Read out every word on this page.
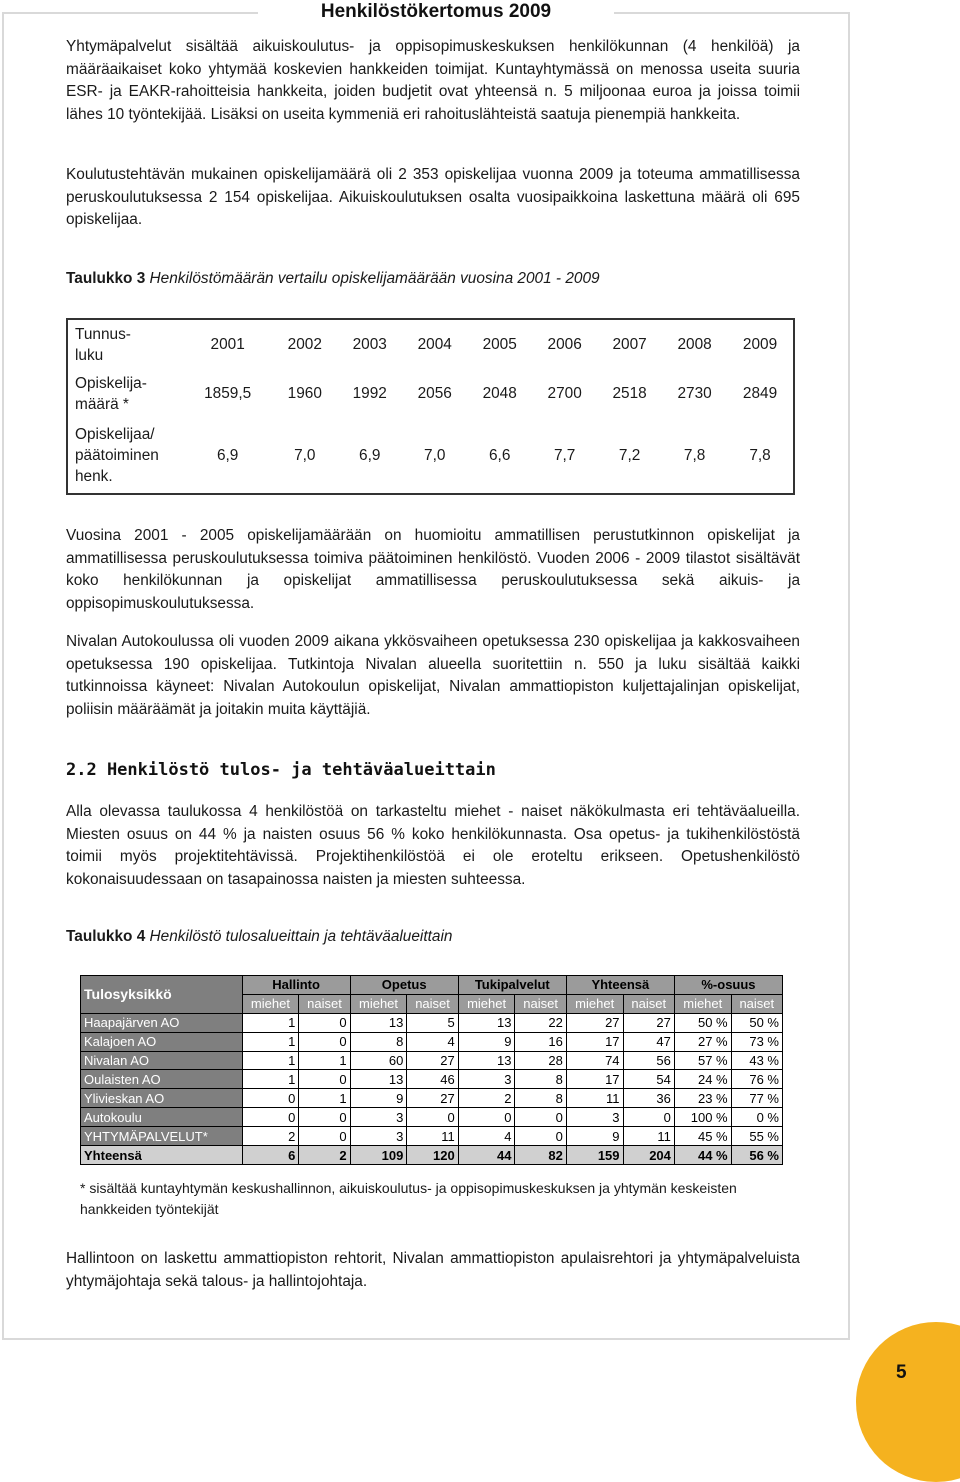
Henkilöstökertomus 2009

Yhtymäpalvelut sisältää aikuiskoulutus- ja oppisopimuskeskuksen henkilökunnan (4 henkilöä) ja määräaikaiset koko yhtymää koskevien hankkeiden toimijat. Kuntayhtymässä on menossa useita suuria ESR- ja EAKR-rahoitteisia hankkeita, joiden budjetit ovat yhteensä n. 5 miljoonaa euroa ja joissa toimii lähes 10 työntekijää. Lisäksi on useita kymmeniä eri rahoituslähteistä saatuja pienempiä hankkeita.

Koulutustehtävän mukainen opiskelijamäärä oli 2 353 opiskelijaa vuonna 2009 ja toteuma ammatillisessa peruskoulutuksessa 2 154 opiskelijaa. Aikuiskoulutuksen osalta vuosipaikkoina laskettuna määrä oli 695 opiskelijaa.

Taulukko 3 Henkilöstömäärän vertailu opiskelijamäärään vuosina 2001 - 2009

Tunnus-
luku	2001	2002	2003	2004	2005	2006	2007	2008	2009
Opiskelija-
määrä *	1859,5	1960	1992	2056	2048	2700	2518	2730	2849
Opiskelijaa/
päätoiminen
henk.	6,9	7,0	6,9	7,0	6,6	7,7	7,2	7,8	7,8

Vuosina 2001 - 2005 opiskelijamäärään on huomioitu ammatillisen perustutkinnon opiskelijat ja ammatillisessa peruskoulutuksessa toimiva päätoiminen henkilöstö. Vuoden 2006 - 2009 tilastot sisältävät koko henkilökunnan ja opiskelijat ammatillisessa peruskoulutuksessa sekä aikuis- ja oppisopimuskoulutuksessa.

Nivalan Autokoulussa oli vuoden 2009 aikana ykkösvaiheen opetuksessa 230 opiskelijaa ja kakkosvaiheen opetuksessa 190 opiskelijaa. Tutkintoja Nivalan alueella suoritettiin n. 550 ja luku sisältää kaikki tutkinnoissa käyneet: Nivalan Autokoulun opiskelijat, Nivalan ammattiopiston kuljettajalinjan opiskelijat, poliisin määräämät ja joitakin muita käyttäjiä.

2.2 Henkilöstö tulos- ja tehtäväalueittain

Alla olevassa taulukossa 4 henkilöstöä on tarkasteltu miehet - naiset näkökulmasta eri tehtäväalueilla. Miesten osuus on 44 % ja naisten osuus 56 % koko henkilökunnasta. Osa opetus- ja tukihenkilöstöstä toimii myös projektitehtävissä. Projektihenkilöstöä ei ole eroteltu erikseen. Opetushenkilöstö kokonaisuudessaan on tasapainossa naisten ja miesten suhteessa.

Taulukko 4 Henkilöstö tulosalueittain ja tehtäväalueittain

Tulosyksikkö	Hallinto		Opetus		Tukipalvelut		Yhteensä		%-osuus	
	miehet	naiset	miehet	naiset	miehet	naiset	miehet	naiset	miehet	naiset
Haapajärven AO	1	0	13	5	13	22	27	27	50 %	50 %
Kalajoen AO	1	0	8	4	9	16	17	47	27 %	73 %
Nivalan AO	1	1	60	27	13	28	74	56	57 %	43 %
Oulaisten AO	1	0	13	46	3	8	17	54	24 %	76 %
Ylivieskan AO	0	1	9	27	2	8	11	36	23 %	77 %
Autokoulu	0	0	3	0	0	0	3	0	100 %	0 %
YHTYMÄPALVELUT*	2	0	3	11	4	0	9	11	45 %	55 %
Yhteensä	6	2	109	120	44	82	159	204	44 %	56 %

* sisältää kuntayhtymän keskushallinnon, aikuiskoulutus- ja oppisopimuskeskuksen ja yhtymän keskeisten hankkeiden työntekijät

Hallintoon on laskettu ammattiopiston rehtorit, Nivalan ammattiopiston apulaisrehtori ja yhtymäpalveluista yhtymäjohtaja sekä talous- ja hallintojohtaja.

5
